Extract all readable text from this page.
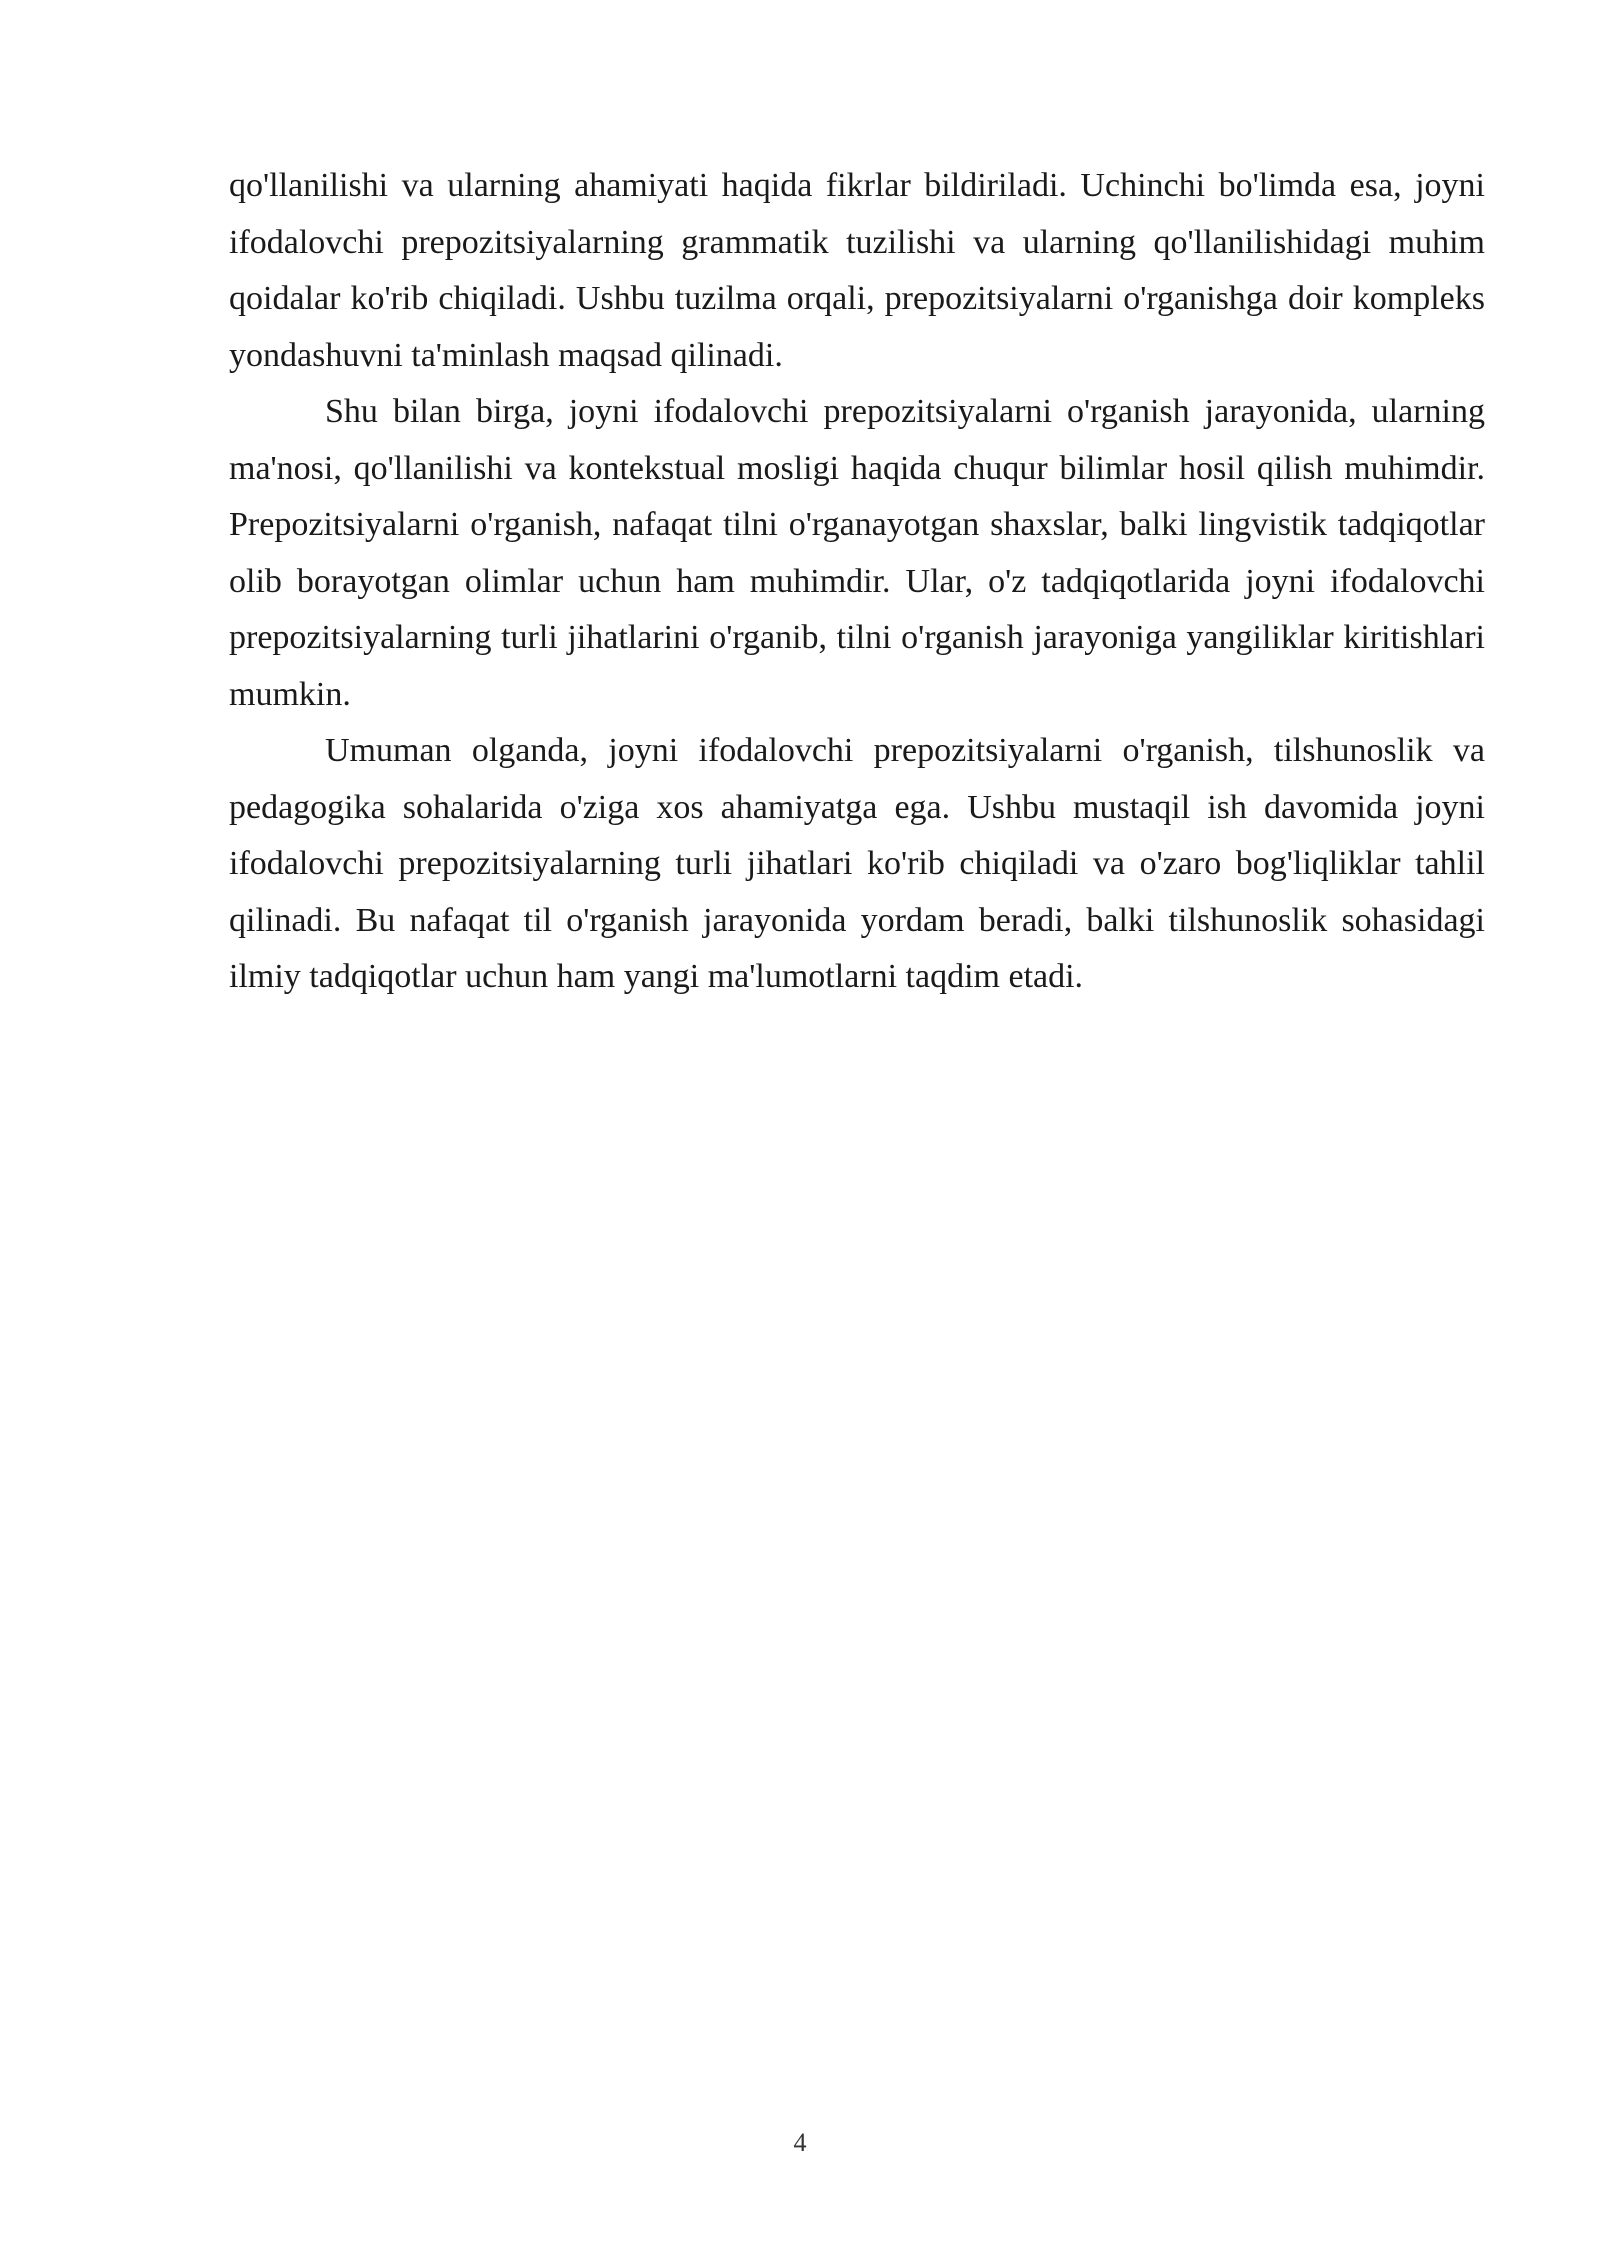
qo'llanilishi va ularning ahamiyati haqida fikrlar bildiriladi. Uchinchi bo'limda esa, joyni ifodalovchi prepozitsiyalarning grammatik tuzilishi va ularning qo'llanilishidagi muhim qoidalar ko'rib chiqiladi. Ushbu tuzilma orqali, prepozitsiyalarni o'rganishga doir kompleks yondashuvni ta'minlash maqsad qilinadi.

Shu bilan birga, joyni ifodalovchi prepozitsiyalarni o'rganish jarayonida, ularning ma'nosi, qo'llanilishi va kontekstual mosligi haqida chuqur bilimlar hosil qilish muhimdir. Prepozitsiyalarni o'rganish, nafaqat tilni o'rganayotgan shaxslar, balki lingvistik tadqiqotlar olib borayotgan olimlar uchun ham muhimdir. Ular, o'z tadqiqotlarida joyni ifodalovchi prepozitsiyalarning turli jihatlarini o'rganib, tilni o'rganish jarayoniga yangiliklar kiritishlari mumkin.

Umuman olganda, joyni ifodalovchi prepozitsiyalarni o'rganish, tilshunoslik va pedagogika sohalarida o'ziga xos ahamiyatga ega. Ushbu mustaqil ish davomida joyni ifodalovchi prepozitsiyalarning turli jihatlari ko'rib chiqiladi va o'zaro bog'liqliklar tahlil qilinadi. Bu nafaqat til o'rganish jarayonida yordam beradi, balki tilshunoslik sohasidagi ilmiy tadqiqotlar uchun ham yangi ma'lumotlarni taqdim etadi.

4
